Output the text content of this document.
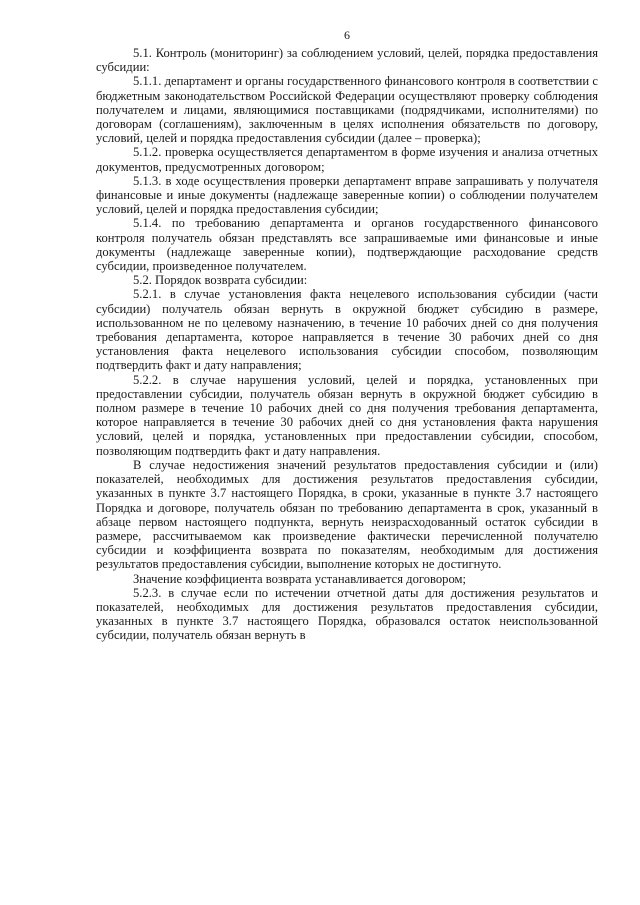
6

5.1. Контроль (мониторинг) за соблюдением условий, целей, порядка предоставления субсидии:

5.1.1. департамент и органы государственного финансового контроля в соответствии с бюджетным законодательством Российской Федерации осуществляют проверку соблюдения получателем и лицами, являющимися поставщиками (подрядчиками, исполнителями) по договорам (соглашениям), заключенным в целях исполнения обязательств по договору, условий, целей и порядка предоставления субсидии (далее – проверка);

5.1.2. проверка осуществляется департаментом в форме изучения и анализа отчетных документов, предусмотренных договором;

5.1.3. в ходе осуществления проверки департамент вправе запрашивать у получателя финансовые и иные документы (надлежаще заверенные копии) о соблюдении получателем условий, целей и порядка предоставления субсидии;

5.1.4. по требованию департамента и органов государственного финансового контроля получатель обязан представлять все запрашиваемые ими финансовые и иные документы (надлежаще заверенные копии), подтверждающие расходование средств субсидии, произведенное получателем.

5.2. Порядок возврата субсидии:

5.2.1. в случае установления факта нецелевого использования субсидии (части субсидии) получатель обязан вернуть в окружной бюджет субсидию в размере, использованном не по целевому назначению, в течение 10 рабочих дней со дня получения требования департамента, которое направляется в течение 30 рабочих дней со дня установления факта нецелевого использования субсидии способом, позволяющим подтвердить факт и дату направления;

5.2.2. в случае нарушения условий, целей и порядка, установленных при предоставлении субсидии, получатель обязан вернуть в окружной бюджет субсидию в полном размере в течение 10 рабочих дней со дня получения требования департамента, которое направляется в течение 30 рабочих дней со дня установления факта нарушения условий, целей и порядка, установленных при предоставлении субсидии, способом, позволяющим подтвердить факт и дату направления.

В случае недостижения значений результатов предоставления субсидии и (или) показателей, необходимых для достижения результатов предоставления субсидии, указанных в пункте 3.7 настоящего Порядка, в сроки, указанные в пункте 3.7 настоящего Порядка и договоре, получатель обязан по требованию департамента в срок, указанный в абзаце первом настоящего подпункта, вернуть неизрасходованный остаток субсидии в размере, рассчитываемом как произведение фактически перечисленной получателю субсидии и коэффициента возврата по показателям, необходимым для достижения результатов предоставления субсидии, выполнение которых не достигнуто.

Значение коэффициента возврата устанавливается договором;

5.2.3. в случае если по истечении отчетной даты для достижения результатов и показателей, необходимых для достижения результатов предоставления субсидии, указанных в пункте 3.7 настоящего Порядка, образовался остаток неиспользованной субсидии, получатель обязан вернуть в
